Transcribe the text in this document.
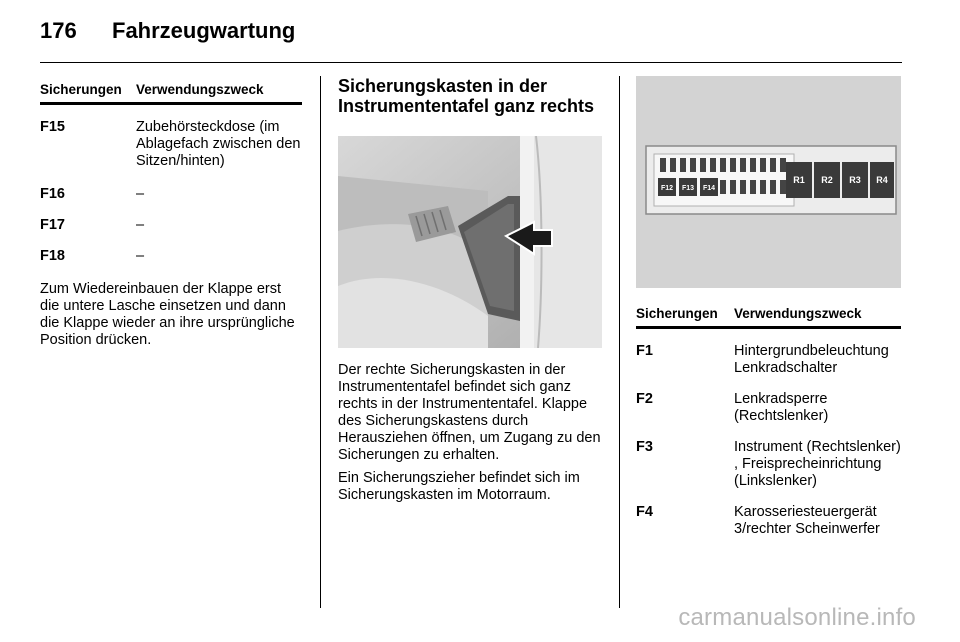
176 Fahrzeugwartung
Sicherungen	Verwendungszweck
F15	Zubehörsteckdose (im Ablagefach zwischen den Sitzen/hinten)
F16	–
F17	–
F18	–
Zum Wiedereinbauen der Klappe erst die untere Lasche einsetzen und dann die Klappe wieder an ihre ursprüngliche Position drücken.
Sicherungskasten in der Instrumententafel ganz rechts
Der rechte Sicherungskasten in der Instrumententafel befindet sich ganz rechts in der Instrumententafel. Klappe des Sicherungskastens durch Herausziehen öffnen, um Zugang zu den Sicherungen zu erhalten.
Ein Sicherungszieher befindet sich im Sicherungskasten im Motorraum.
F12 F13 F14
R1 R2 R3 R4
Sicherungen	Verwendungszweck
F1	Hintergrundbeleuchtung Lenkradschalter
F2	Lenkradsperre (Rechtslenker)
F3	Instrument (Rechtslenker) , Freisprecheinrichtung (Linkslenker)
F4	Karosseriesteuergerät 3/rechter Scheinwerfer
carmanualsonline.info
